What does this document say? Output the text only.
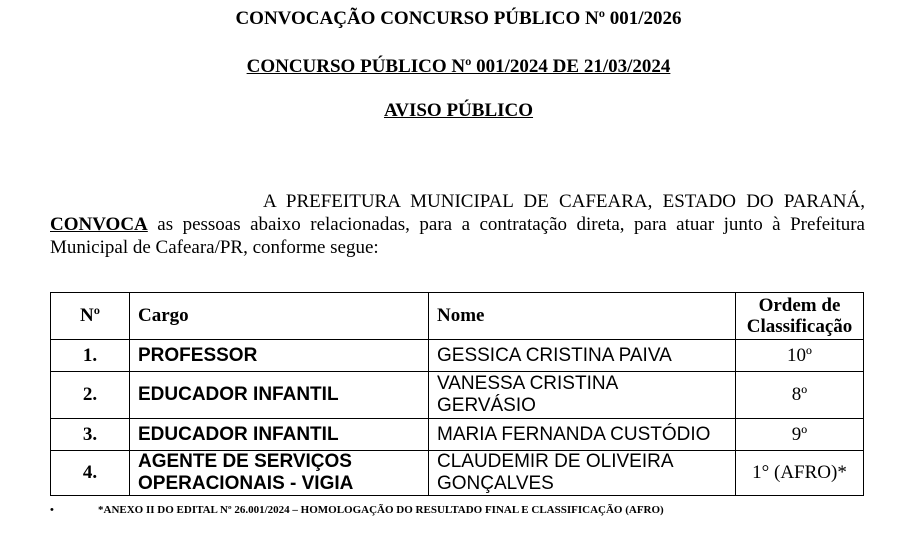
CONVOCAÇÃO CONCURSO PÚBLICO Nº 001/2026
CONCURSO PÚBLICO Nº 001/2024 DE 21/03/2024
AVISO PÚBLICO
A PREFEITURA MUNICIPAL DE CAFEARA, ESTADO DO PARANÁ, CONVOCA as pessoas abaixo relacionadas, para a contratação direta, para atuar junto à Prefeitura Municipal de Cafeara/PR, conforme segue:
Nº	Cargo	Nome	Ordem de
Classificação
1.	PROFESSOR	GESSICA CRISTINA PAIVA	10º
2.	EDUCADOR INFANTIL	VANESSA CRISTINA
GERVÁSIO	8º
3.	EDUCADOR INFANTIL	MARIA FERNANDA CUSTÓDIO	9º
4.	AGENTE DE SERVIÇOS
OPERACIONAIS - VIGIA	CLAUDEMIR DE OLIVEIRA
GONÇALVES	1° (AFRO)*
•	*ANEXO II DO EDITAL Nº 26.001/2024 – HOMOLOGAÇÃO DO RESULTADO FINAL E CLASSIFICAÇÃO (AFRO)
